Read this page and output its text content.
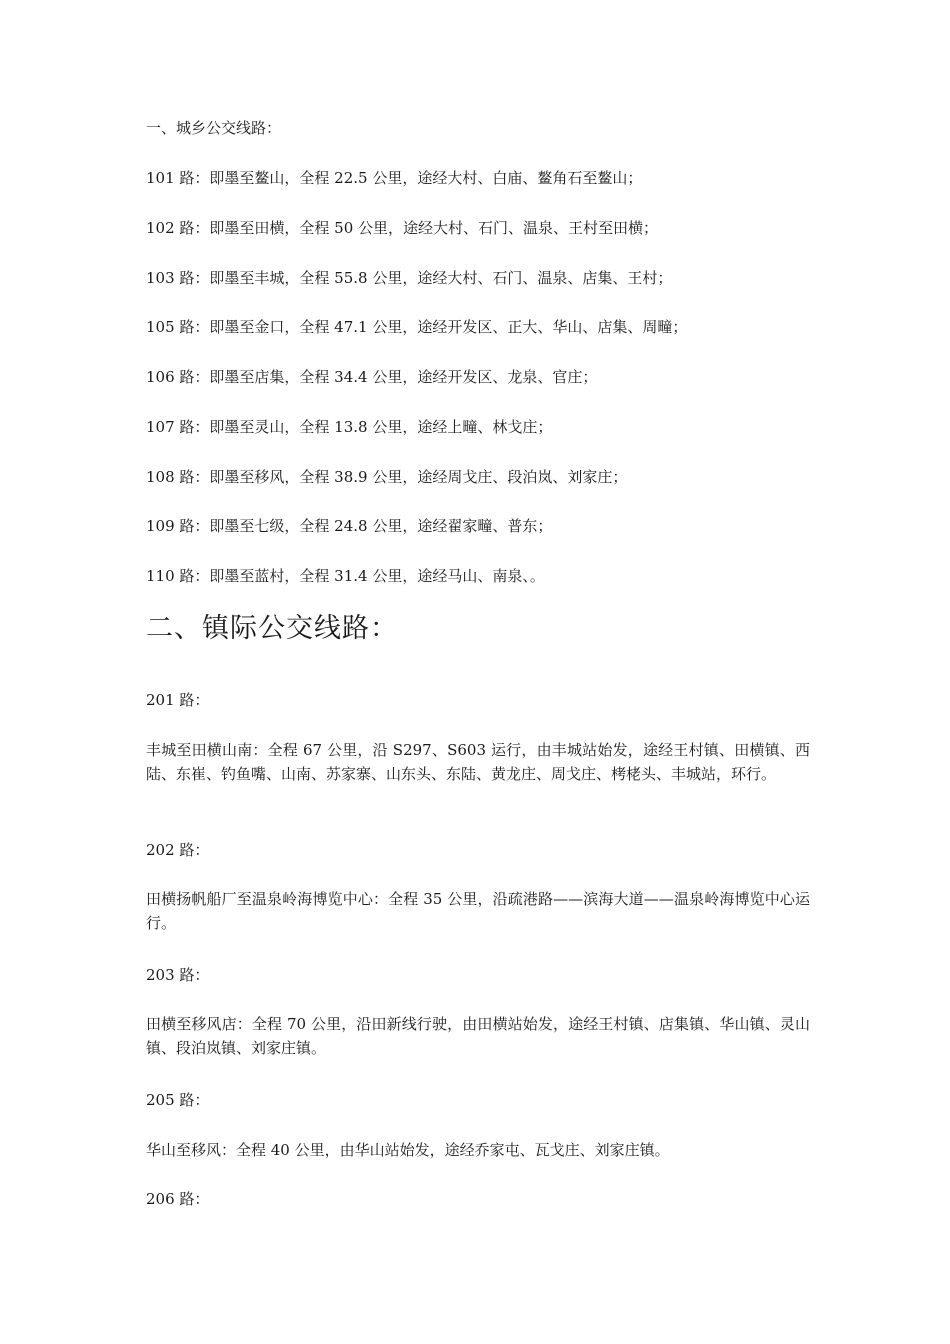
一、城乡公交线路：
101 路：即墨至鳌山，全程 22.5 公里，途经大村、白庙、鳌角石至鳌山；
102 路：即墨至田横，全程 50 公里，途经大村、石门、温泉、王村至田横；
103 路：即墨至丰城，全程 55.8 公里，途经大村、石门、温泉、店集、王村；
105 路：即墨至金口，全程 47.1 公里，途经开发区、正大、华山、店集、周疃；
106 路：即墨至店集，全程 34.4 公里，途经开发区、龙泉、官庄；
107 路：即墨至灵山，全程 13.8 公里，途经上疃、林戈庄；
108 路：即墨至移风，全程 38.9 公里，途经周戈庄、段泊岚、刘家庄；
109 路：即墨至七级，全程 24.8 公里，途经翟家疃、普东；
110 路：即墨至蓝村，全程 31.4 公里，途经马山、南泉、。
二、镇际公交线路：
201 路：
丰城至田横山南：全程 67 公里，沿 S297、S603 运行，由丰城站始发，途经王村镇、田横镇、西陆、东崔、钓鱼嘴、山南、苏家寨、山东头、东陆、黄龙庄、周戈庄、栲栳头、丰城站，环行。
202 路：
田横扬帆船厂至温泉岭海博览中心：全程 35 公里，沿疏港路——滨海大道——温泉岭海博览中心运行。
203 路：
田横至移风店：全程 70 公里，沿田新线行驶，由田横站始发，途经王村镇、店集镇、华山镇、灵山镇、段泊岚镇、刘家庄镇。
205 路：
华山至移风：全程 40 公里，由华山站始发，途经乔家屯、瓦戈庄、刘家庄镇。
206 路：
